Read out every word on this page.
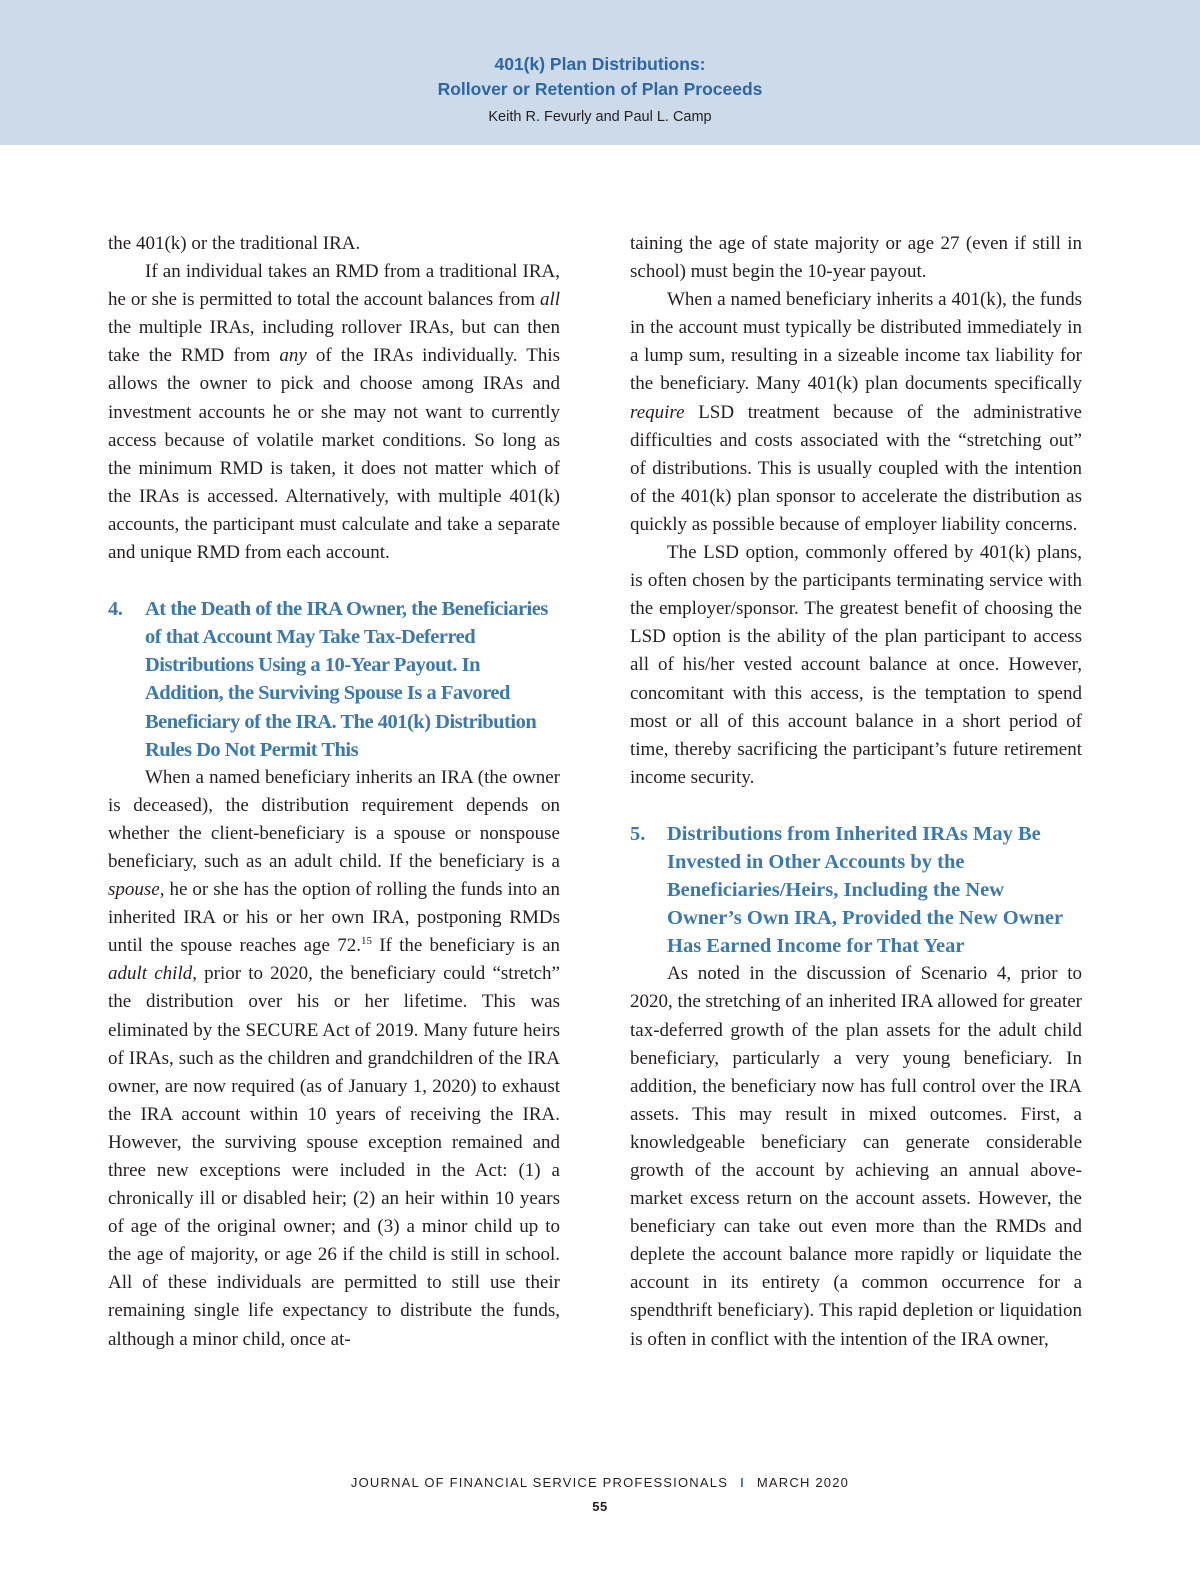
401(k) Plan Distributions:
Rollover or Retention of Plan Proceeds
Keith R. Fevurly and Paul L. Camp

the 401(k) or the traditional IRA.

If an individual takes an RMD from a traditional IRA, he or she is permitted to total the account balances from all the multiple IRAs, including rollover IRAs, but can then take the RMD from any of the IRAs individually. This allows the owner to pick and choose among IRAs and investment accounts he or she may not want to currently access because of volatile market conditions. So long as the minimum RMD is taken, it does not matter which of the IRAs is accessed. Alternatively, with multiple 401(k) accounts, the participant must calculate and take a separate and unique RMD from each account.

4. At the Death of the IRA Owner, the Beneficiaries of that Account May Take Tax-Deferred Distributions Using a 10-Year Payout. In Addition, the Surviving Spouse Is a Favored Beneficiary of the IRA. The 401(k) Distribution Rules Do Not Permit This

When a named beneficiary inherits an IRA (the owner is deceased), the distribution requirement depends on whether the client-beneficiary is a spouse or nonspouse beneficiary, such as an adult child. If the beneficiary is a spouse, he or she has the option of rolling the funds into an inherited IRA or his or her own IRA, postponing RMDs until the spouse reaches age 72.15 If the beneficiary is an adult child, prior to 2020, the beneficiary could “stretch” the distribution over his or her lifetime. This was eliminated by the SECURE Act of 2019. Many future heirs of IRAs, such as the children and grandchildren of the IRA owner, are now required (as of January 1, 2020) to exhaust the IRA account within 10 years of receiving the IRA. However, the surviving spouse exception remained and three new exceptions were included in the Act: (1) a chronically ill or disabled heir; (2) an heir within 10 years of age of the original owner; and (3) a minor child up to the age of majority, or age 26 if the child is still in school. All of these individuals are permitted to still use their remaining single life expectancy to distribute the funds, although a minor child, once at-

taining the age of state majority or age 27 (even if still in school) must begin the 10-year payout.

When a named beneficiary inherits a 401(k), the funds in the account must typically be distributed immediately in a lump sum, resulting in a sizeable income tax liability for the beneficiary. Many 401(k) plan documents specifically require LSD treatment because of the administrative difficulties and costs associated with the “stretching out” of distributions. This is usually coupled with the intention of the 401(k) plan sponsor to accelerate the distribution as quickly as possible because of employer liability concerns.

The LSD option, commonly offered by 401(k) plans, is often chosen by the participants terminating service with the employer/sponsor. The greatest benefit of choosing the LSD option is the ability of the plan participant to access all of his/her vested account balance at once. However, concomitant with this access, is the temptation to spend most or all of this account balance in a short period of time, thereby sacrificing the participant’s future retirement income security.

5. Distributions from Inherited IRAs May Be Invested in Other Accounts by the Beneficiaries/Heirs, Including the New Owner’s Own IRA, Provided the New Owner Has Earned Income for That Year

As noted in the discussion of Scenario 4, prior to 2020, the stretching of an inherited IRA allowed for greater tax-deferred growth of the plan assets for the adult child beneficiary, particularly a very young beneficiary. In addition, the beneficiary now has full control over the IRA assets. This may result in mixed outcomes. First, a knowledgeable beneficiary can generate considerable growth of the account by achieving an annual above-market excess return on the account assets. However, the beneficiary can take out even more than the RMDs and deplete the account balance more rapidly or liquidate the account in its entirety (a common occurrence for a spendthrift beneficiary). This rapid depletion or liquidation is often in conflict with the intention of the IRA owner,

JOURNAL OF FINANCIAL SERVICE PROFESSIONALS I MARCH 2020
55
